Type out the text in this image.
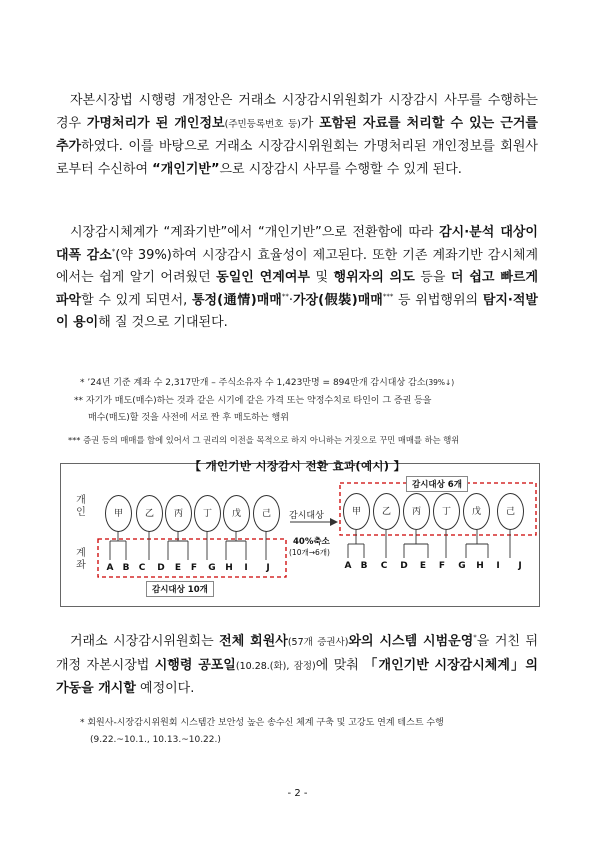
자본시장법 시행령 개정안은 거래소 시장감시위원회가 시장감시 사무를 수행하는 경우 가명처리가 된 개인정보(주민등록번호 등)가 포함된 자료를 처리할 수 있는 근거를 추가하였다. 이를 바탕으로 거래소 시장감시위원회는 가명처리된 개인정보를 회원사로부터 수신하여 “개인기반”으로 시장감시 사무를 수행할 수 있게 된다.

시장감시체계가 “계좌기반”에서 “개인기반”으로 전환함에 따라 감시·분석 대상이 대폭 감소*(약 39%)하여 시장감시 효율성이 제고된다. 또한 기존 계좌기반 감시체계에서는 쉽게 알기 어려웠던 동일인 연계여부 및 행위자의 의도 등을 더 쉽고 빠르게 파악할 수 있게 되면서, 통정(通情)매매**·가장(假裝)매매*** 등 위법행위의 탐지·적발이 용이해 질 것으로 기대된다.

* ’24년 기준 계좌 수 2,317만개 – 주식소유자 수 1,423만명 = 894만개 감시대상 감소(39%↓)

** 자기가 매도(매수)하는 것과 같은 시기에 같은 가격 또는 약정수치로 타인이 그 증권 등을
매수(매도)할 것을 사전에 서로 짠 후 매도하는 행위

*** 증권 등의 매매를 함에 있어서 그 권리의 이전을 목적으로 하지 아니하는 거짓으로 꾸민 매매를 하는 행위

【 개인기반 시장감시 전환 효과(예시) 】
개
인
계
좌
甲	乙	丙	丁	戊	己
A B C	D	E	F	G H	I	J
감시대상 10개
감시대상
40%축소
(10개→6개)
감시대상 6개
甲	乙	丙	丁	戊	己
A B C	D	E	F	G H	I	J

거래소 시장감시위원회는 전체 회원사(57개 증권사)와의 시스템 시범운영*을 거친 뒤 개정 자본시장법 시행령 공포일(10.28.(화), 잠정)에 맞춰 「개인기반 시장감시체계」의 가동을 개시할 예정이다.

* 회원사-시장감시위원회 시스템간 보안성 높은 송수신 체계 구축 및 고강도 연계 테스트 수행
(9.22.~10.1., 10.13.~10.22.)

- 2 -
